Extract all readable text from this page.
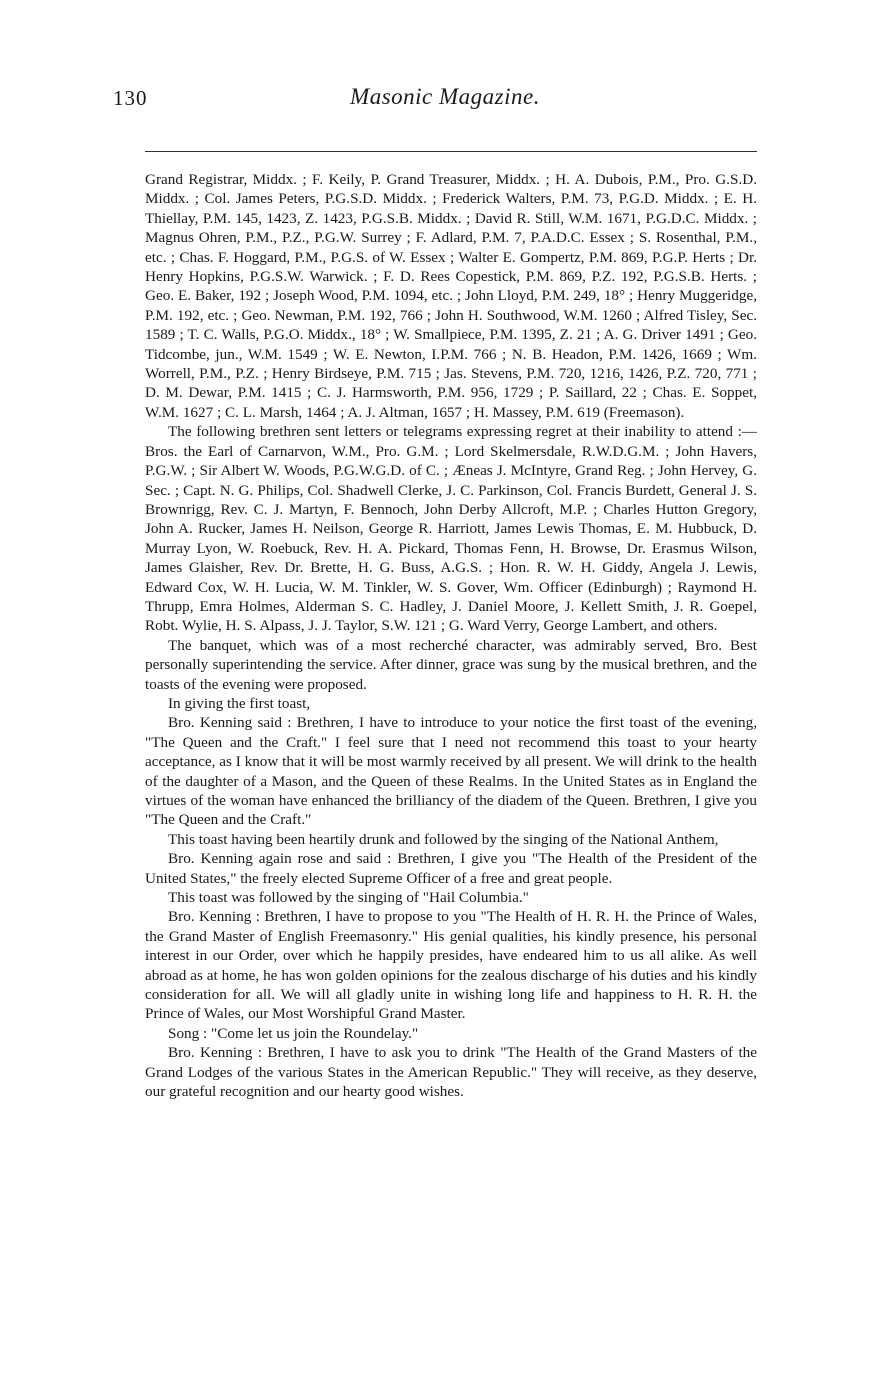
130	Masonic Magazine.

Grand Registrar, Middx. ; F. Keily, P. Grand Treasurer, Middx. ; H. A. Dubois, P.M., Pro. G.S.D. Middx. ; Col. James Peters, P.G.S.D. Middx. ; Frederick Walters, P.M. 73, P.G.D. Middx. ; E. H. Thiellay, P.M. 145, 1423, Z. 1423, P.G.S.B. Middx. ; David R. Still, W.M. 1671, P.G.D.C. Middx. ; Magnus Ohren, P.M., P.Z., P.G.W. Surrey ; F. Adlard, P.M. 7, P.A.D.C. Essex ; S. Rosenthal, P.M., etc. ; Chas. F. Hoggard, P.M., P.G.S. of W. Essex ; Walter E. Gompertz, P.M. 869, P.G.P. Herts ; Dr. Henry Hopkins, P.G.S.W. Warwick. ; F. D. Rees Copestick, P.M. 869, P.Z. 192, P.G.S.B. Herts. ; Geo. E. Baker, 192 ; Joseph Wood, P.M. 1094, etc. ; John Lloyd, P.M. 249, 18° ; Henry Muggeridge, P.M. 192, etc. ; Geo. Newman, P.M. 192, 766 ; John H. Southwood, W.M. 1260 ; Alfred Tisley, Sec. 1589 ; T. C. Walls, P.G.O. Middx., 18° ; W. Smallpiece, P.M. 1395, Z. 21 ; A. G. Driver 1491 ; Geo. Tidcombe, jun., W.M. 1549 ; W. E. Newton, I.P.M. 766 ; N. B. Headon, P.M. 1426, 1669 ; Wm. Worrell, P.M., P.Z. ; Henry Birdseye, P.M. 715 ; Jas. Stevens, P.M. 720, 1216, 1426, P.Z. 720, 771 ; D. M. Dewar, P.M. 1415 ; C. J. Harmsworth, P.M. 956, 1729 ; P. Saillard, 22 ; Chas. E. Soppet, W.M. 1627 ; C. L. Marsh, 1464 ; A. J. Altman, 1657 ; H. Massey, P.M. 619 (Freemason).

The following brethren sent letters or telegrams expressing regret at their inability to attend :—Bros. the Earl of Carnarvon, W.M., Pro. G.M. ; Lord Skelmersdale, R.W.D.G.M. ; John Havers, P.G.W. ; Sir Albert W. Woods, P.G.W.G.D. of C. ; Æneas J. McIntyre, Grand Reg. ; John Hervey, G. Sec. ; Capt. N. G. Philips, Col. Shadwell Clerke, J. C. Parkinson, Col. Francis Burdett, General J. S. Brownrigg, Rev. C. J. Martyn, F. Bennoch, John Derby Allcroft, M.P. ; Charles Hutton Gregory, John A. Rucker, James H. Neilson, George R. Harriott, James Lewis Thomas, E. M. Hubbuck, D. Murray Lyon, W. Roebuck, Rev. H. A. Pickard, Thomas Fenn, H. Browse, Dr. Erasmus Wilson, James Glaisher, Rev. Dr. Brette, H. G. Buss, A.G.S. ; Hon. R. W. H. Giddy, Angela J. Lewis, Edward Cox, W. H. Lucia, W. M. Tinkler, W. S. Gover, Wm. Officer (Edinburgh) ; Raymond H. Thrupp, Emra Holmes, Alderman S. C. Hadley, J. Daniel Moore, J. Kellett Smith, J. R. Goepel, Robt. Wylie, H. S. Alpass, J. J. Taylor, S.W. 121 ; G. Ward Verry, George Lambert, and others.

The banquet, which was of a most recherché character, was admirably served, Bro. Best personally superintending the service. After dinner, grace was sung by the musical brethren, and the toasts of the evening were proposed.

In giving the first toast,

Bro. Kenning said : Brethren, I have to introduce to your notice the first toast of the evening, "The Queen and the Craft." I feel sure that I need not recommend this toast to your hearty acceptance, as I know that it will be most warmly received by all present. We will drink to the health of the daughter of a Mason, and the Queen of these Realms. In the United States as in England the virtues of the woman have enhanced the brilliancy of the diadem of the Queen. Brethren, I give you "The Queen and the Craft."

This toast having been heartily drunk and followed by the singing of the National Anthem,

Bro. Kenning again rose and said : Brethren, I give you "The Health of the President of the United States," the freely elected Supreme Officer of a free and great people.

This toast was followed by the singing of "Hail Columbia."

Bro. Kenning : Brethren, I have to propose to you "The Health of H. R. H. the Prince of Wales, the Grand Master of English Freemasonry." His genial qualities, his kindly presence, his personal interest in our Order, over which he happily presides, have endeared him to us all alike. As well abroad as at home, he has won golden opinions for the zealous discharge of his duties and his kindly consideration for all. We will all gladly unite in wishing long life and happiness to H. R. H. the Prince of Wales, our Most Worshipful Grand Master.

Song : "Come let us join the Roundelay."

Bro. Kenning : Brethren, I have to ask you to drink "The Health of the Grand Masters of the Grand Lodges of the various States in the American Republic." They will receive, as they deserve, our grateful recognition and our hearty good wishes.
